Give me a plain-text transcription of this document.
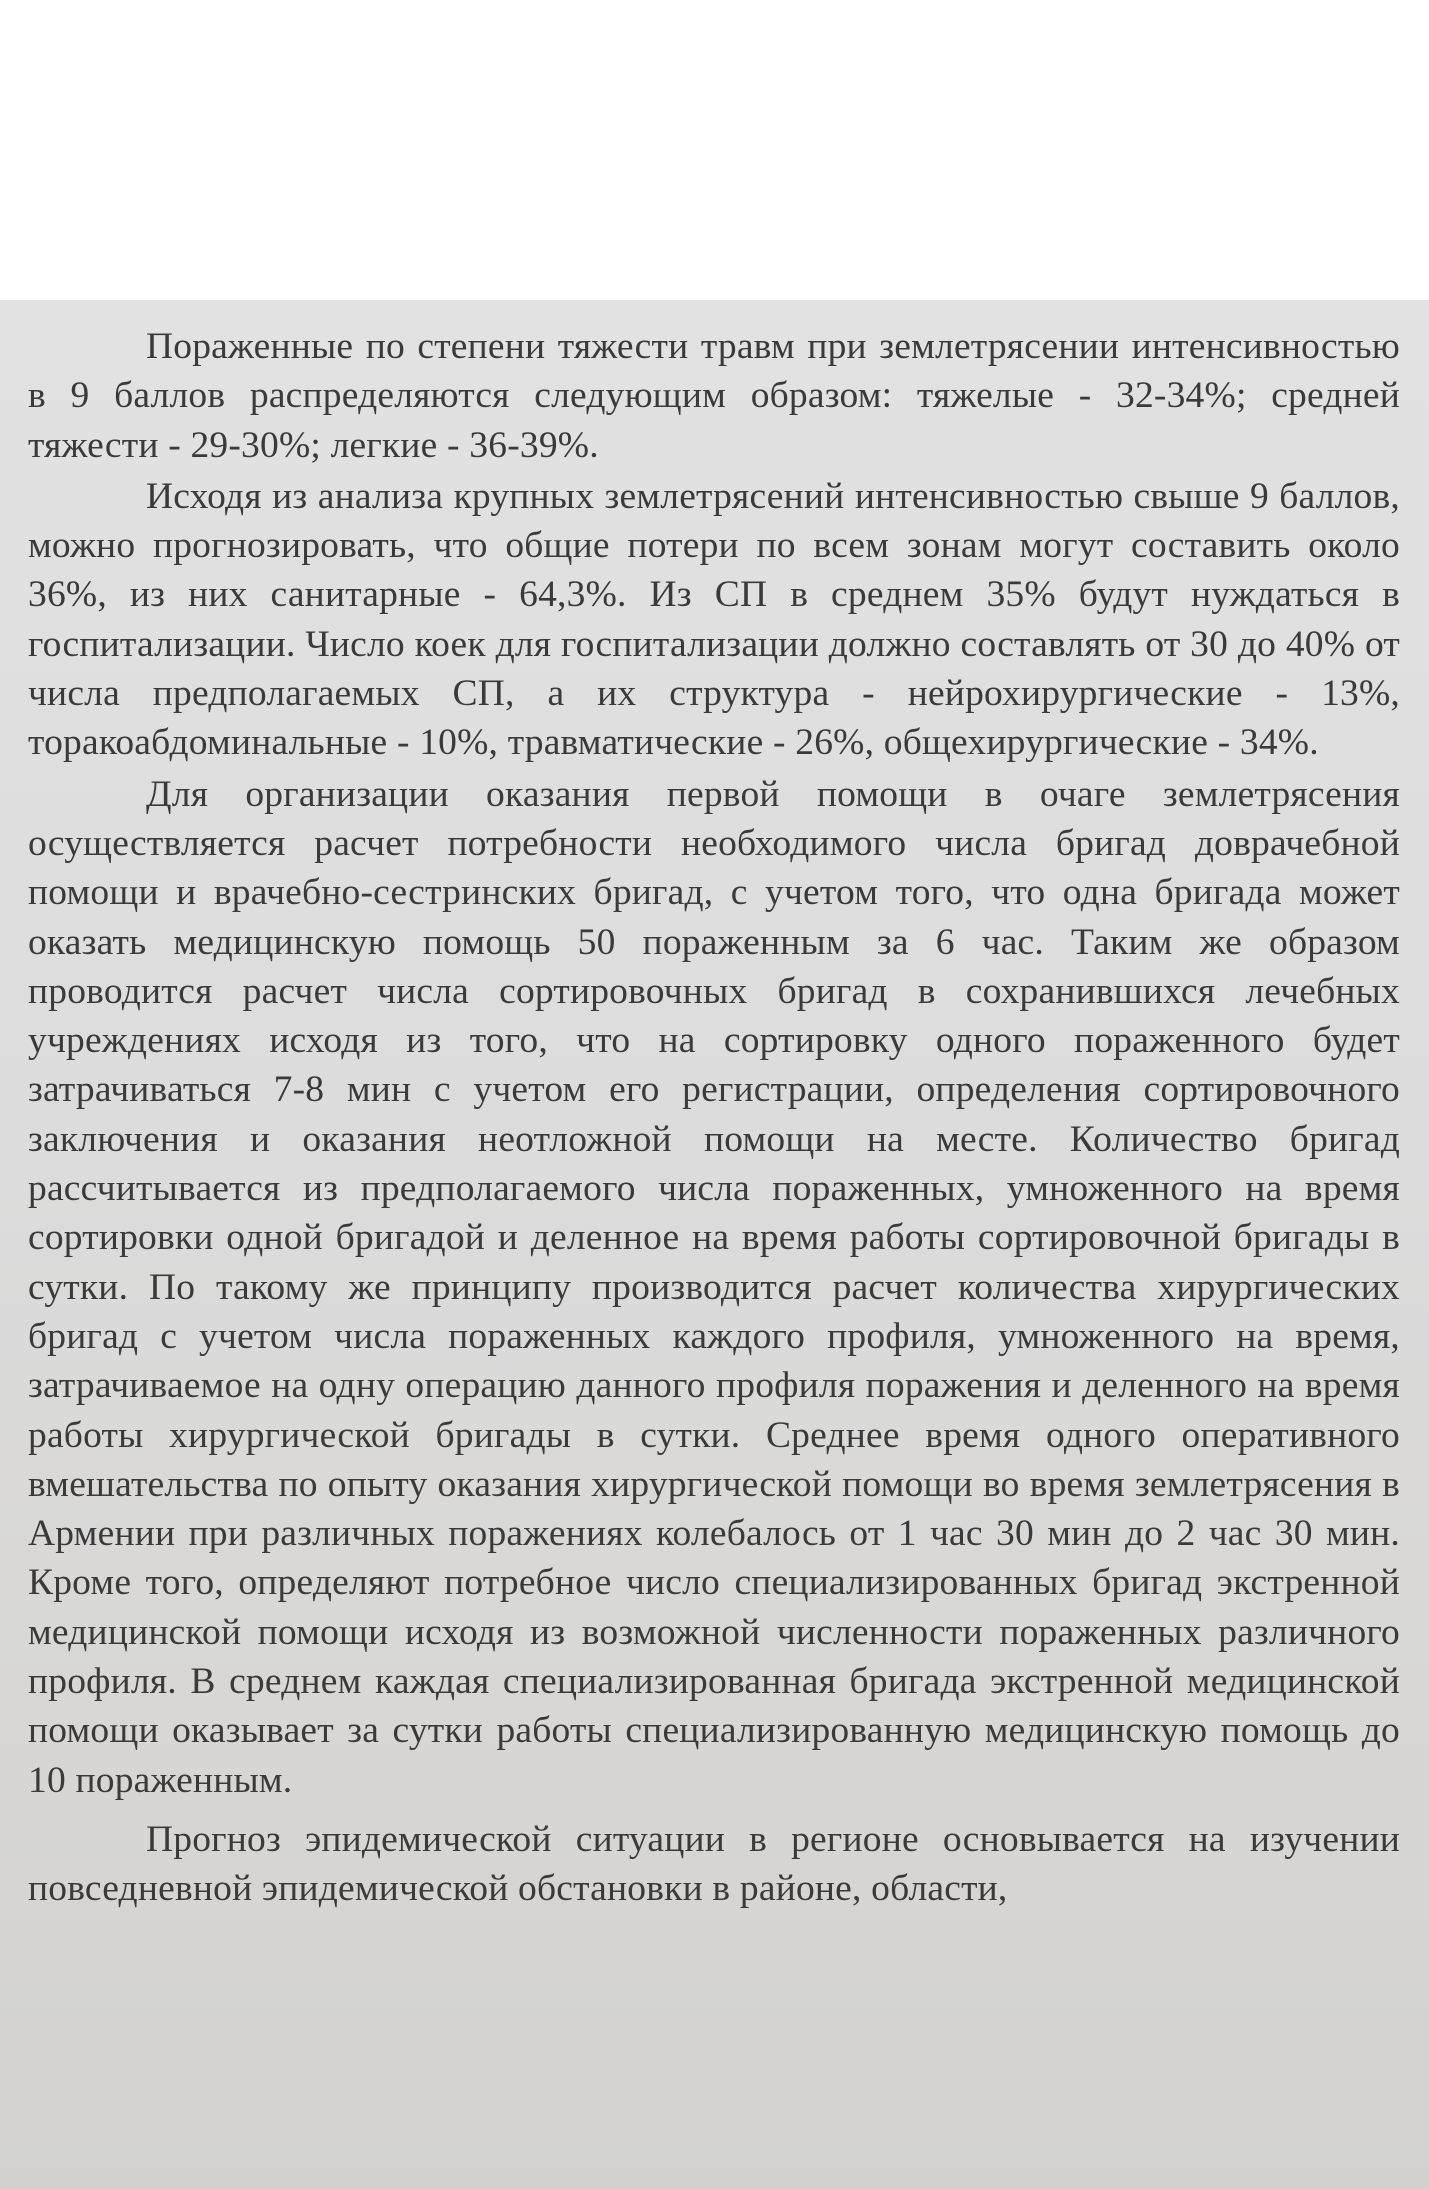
Пораженные по степени тяжести травм при землетрясении интенсивностью в 9 баллов распределяются следующим образом: тяжелые - 32-34%; средней тяжести - 29-30%; легкие - 36-39%.

Исходя из анализа крупных землетрясений интенсивностью свыше 9 баллов, можно прогнозировать, что общие потери по всем зонам могут составить около 36%, из них санитарные - 64,3%. Из СП в среднем 35% будут нуждаться в госпитализации. Число коек для госпитализации должно составлять от 30 до 40% от числа предполагаемых СП, а их структура - нейрохирургические - 13%, торакоабдоминальные - 10%, травматические - 26%, общехирургические - 34%.

Для организации оказания первой помощи в очаге землетрясения осуществляется расчет потребности необходимого числа бригад доврачебной помощи и врачебно-сестринских бригад, с учетом того, что одна бригада может оказать медицинскую помощь 50 пораженным за 6 час. Таким же образом проводится расчет числа сортировочных бригад в сохранившихся лечебных учреждениях исходя из того, что на сортировку одного пораженного будет затрачиваться 7-8 мин с учетом его регистрации, определения сортировочного заключения и оказания неотложной помощи на месте. Количество бригад рассчитывается из предполагаемого числа пораженных, умноженного на время сортировки одной бригадой и деленное на время работы сортировочной бригады в сутки. По такому же принципу производится расчет количества хирургических бригад с учетом числа пораженных каждого профиля, умноженного на время, затрачиваемое на одну операцию данного профиля поражения и деленного на время работы хирургической бригады в сутки. Среднее время одного оперативного вмешательства по опыту оказания хирургической помощи во время землетрясения в Армении при различных поражениях колебалось от 1 час 30 мин до 2 час 30 мин. Кроме того, определяют потребное число специализированных бригад экстренной медицинской помощи исходя из возможной численности пораженных различного профиля. В среднем каждая специализированная бригада экстренной медицинской помощи оказывает за сутки работы специализированную медицинскую помощь до 10 пораженным.

Прогноз эпидемической ситуации в регионе основывается на изучении повседневной эпидемической обстановки в районе, области,
